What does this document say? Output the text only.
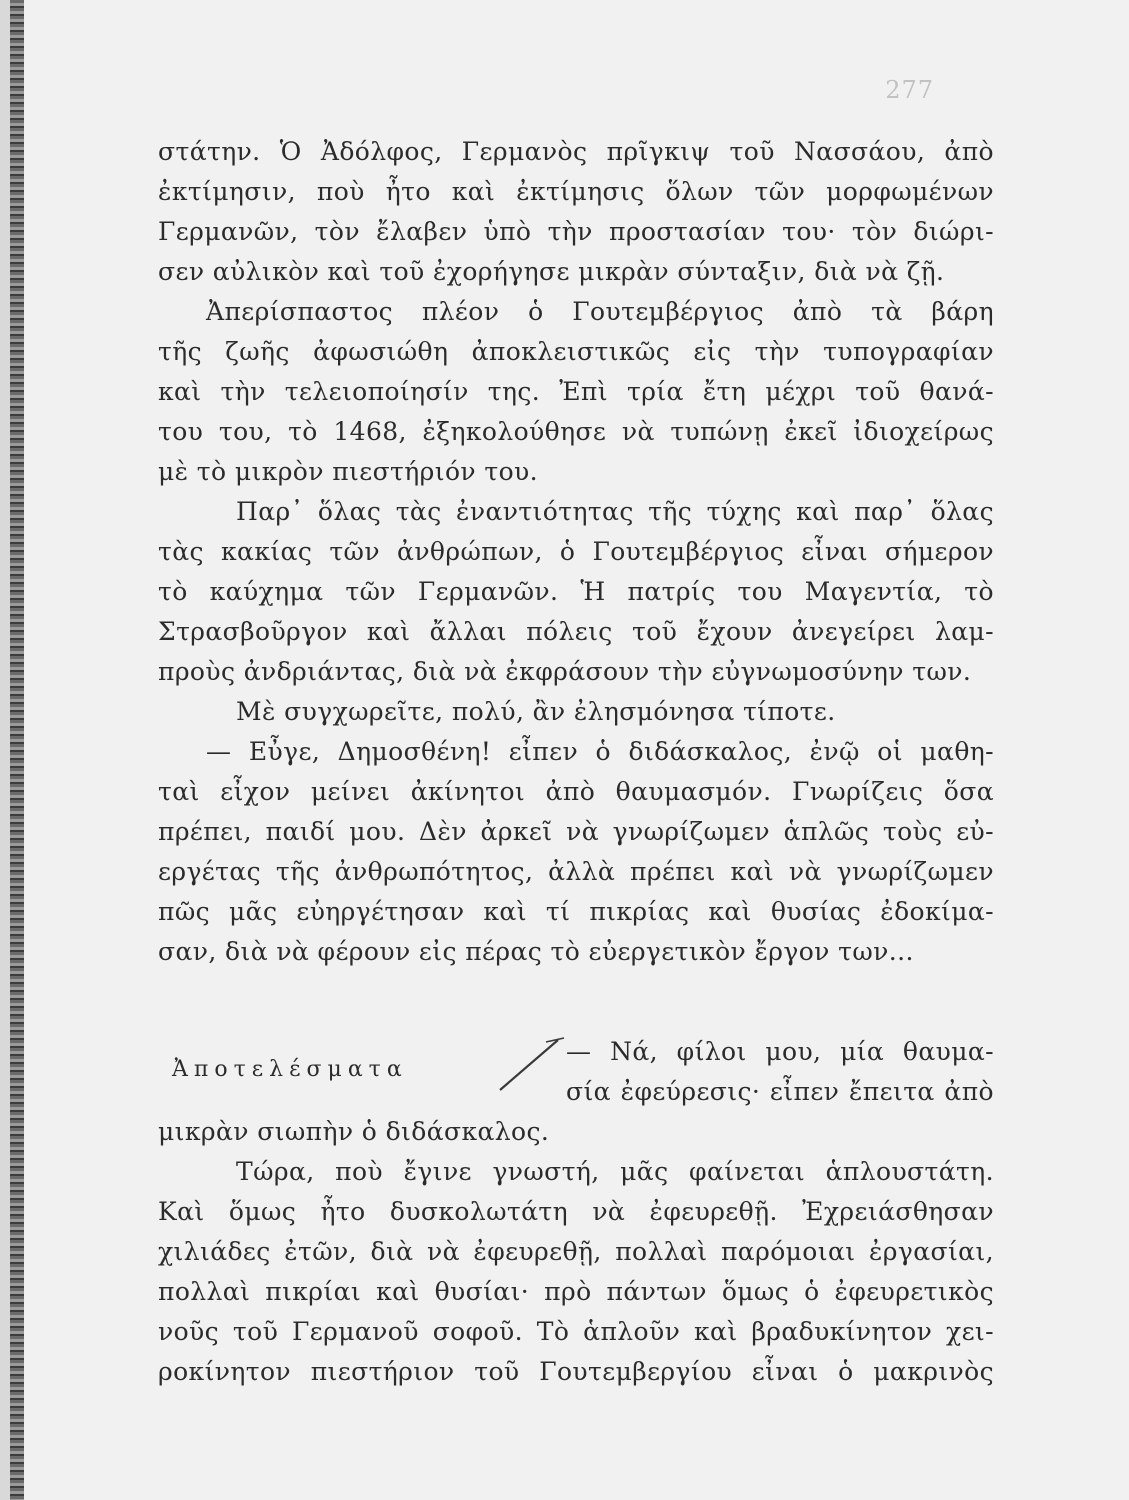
277
στάτην. Ὁ Ἀδόλφος, Γερμανὸς πρῖγκιψ τοῦ Νασσάου, ἀπὸ
ἐκτίμησιν, ποὺ ἦτο καὶ ἐκτίμησις ὅλων τῶν μορφωμένων
Γερμανῶν, τὸν ἔλαβεν ὑπὸ τὴν προστασίαν του· τὸν διώρι-
σεν αὐλικὸν καὶ τοῦ ἐχορήγησε μικρὰν σύνταξιν, διὰ νὰ ζῇ.
Ἀπερίσπαστος πλέον ὁ Γουτεμβέργιος ἀπὸ τὰ βάρη
τῆς ζωῆς ἀφωσιώθη ἀποκλειστικῶς εἰς τὴν τυπογραφίαν
καὶ τὴν τελειοποίησίν της. Ἐπὶ τρία ἔτη μέχρι τοῦ θανά-
του του, τὸ 1468, ἐξηκολούθησε νὰ τυπώνῃ ἐκεῖ ἰδιοχείρως
μὲ τὸ μικρὸν πιεστήριόν του.
Παρ᾽ ὅλας τὰς ἐναντιότητας τῆς τύχης καὶ παρ᾽ ὅλας
τὰς κακίας τῶν ἀνθρώπων, ὁ Γουτεμβέργιος εἶναι σήμερον
τὸ καύχημα τῶν Γερμανῶν. Ἡ πατρίς του Μαγεντία, τὸ
Στρασβοῦργον καὶ ἄλλαι πόλεις τοῦ ἔχουν ἀνεγείρει λαμ-
προὺς ἀνδριάντας, διὰ νὰ ἐκφράσουν τὴν εὐγνωμοσύνην των.
Μὲ συγχωρεῖτε, πολύ, ἂν ἐλησμόνησα τίποτε.
— Εὖγε, Δημοσθένη! εἶπεν ὁ διδάσκαλος, ἐνῷ οἱ μαθη-
ταὶ εἶχον μείνει ἀκίνητοι ἀπὸ θαυμασμόν. Γνωρίζεις ὅσα
πρέπει, παιδί μου. Δὲν ἀρκεῖ νὰ γνωρίζωμεν ἁπλῶς τοὺς εὐ-
εργέτας τῆς ἀνθρωπότητος, ἀλλὰ πρέπει καὶ νὰ γνωρίζωμεν
πῶς μᾶς εὐηργέτησαν καὶ τί πικρίας καὶ θυσίας ἐδοκίμα-
σαν, διὰ νὰ φέρουν εἰς πέρας τὸ εὐεργετικὸν ἔργον των...
Ἀποτελέσματα
— Νά, φίλοι μου, μία θαυμα-
σία ἐφεύρεσις· εἶπεν ἔπειτα ἀπὸ
μικρὰν σιωπὴν ὁ διδάσκαλος.
Τώρα, ποὺ ἔγινε γνωστή, μᾶς φαίνεται ἁπλουστάτη.
Καὶ ὅμως ἦτο δυσκολωτάτη νὰ ἐφευρεθῇ. Ἐχρειάσθησαν
χιλιάδες ἐτῶν, διὰ νὰ ἐφευρεθῇ, πολλαὶ παρόμοιαι ἐργασίαι,
πολλαὶ πικρίαι καὶ θυσίαι· πρὸ πάντων ὅμως ὁ ἐφευρετικὸς
νοῦς τοῦ Γερμανοῦ σοφοῦ. Τὸ ἁπλοῦν καὶ βραδυκίνητον χει-
ροκίνητον πιεστήριον τοῦ Γουτεμβεργίου εἶναι ὁ μακρινὸς
